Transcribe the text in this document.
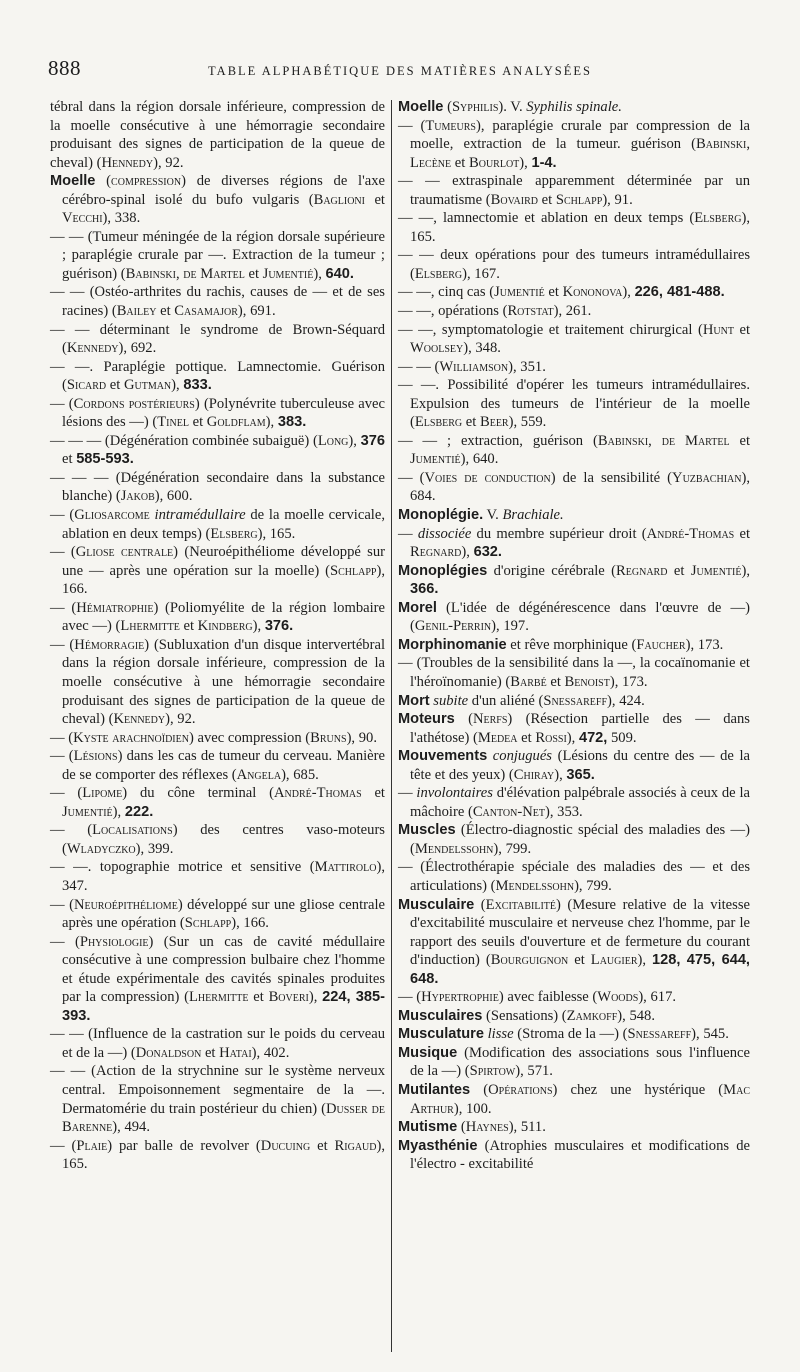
888	TABLE ALPHABÉTIQUE DES MATIÈRES ANALYSÉES

tébral dans la région dorsale inférieure, compression de la moelle consécutive à une hémorragie secondaire produisant des signes de participation de la queue de cheval) (Hennedy), 92.

Moelle (compression) de diverses régions de l'axe cérébro-spinal isolé du bufo vulgaris (Baglioni et Vecchi), 338.

— — (Tumeur méningée de la région dorsale supérieure ; paraplégie crurale par —. Extraction de la tumeur ; guérison) (Babinski, de Martel et Jumentié), 640.

— — (Ostéo-arthrites du rachis, causes de — et de ses racines) (Bailey et Casamajor), 691.

— — déterminant le syndrome de Brown-Séquard (Kennedy), 692.

— —. Paraplégie pottique. Lamnectomie. Guérison (Sicard et Gutman), 833.

— (Cordons postérieurs) (Polynévrite tuberculeuse avec lésions des —) (Tinel et Goldflam), 383.

— — — (Dégénération combinée subaiguë) (Long), 376 et 585-593.

— — — (Dégénération secondaire dans la substance blanche) (Jakob), 600.

— (Gliosarcome intramédullaire de la moelle cervicale, ablation en deux temps) (Elsberg), 165.

— (Gliose centrale) (Neuroépithéliome développé sur une — après une opération sur la moelle) (Schlapp), 166.

— (Hémiatrophie) (Poliomyélite de la région lombaire avec —) (Lhermitte et Kindberg), 376.

— (Hémorragie) (Subluxation d'un disque intervertébral dans la région dorsale inférieure, compression de la moelle consécutive à une hémorragie secondaire produisant des signes de participation de la queue de cheval) (Kennedy), 92.

— (Kyste arachnoïdien) avec compression (Bruns), 90.

— (Lésions) dans les cas de tumeur du cerveau. Manière de se comporter des réflexes (Angela), 685.

— (Lipome) du cône terminal (André-Thomas et Jumentié), 222.

— (Localisations) des centres vaso-moteurs (Wladyczko), 399.

— —. topographie motrice et sensitive (Mattirolo), 347.

— (Neuroépithéliome) développé sur une gliose centrale après une opération (Schlapp), 166.

— (Physiologie) (Sur un cas de cavité médullaire consécutive à une compression bulbaire chez l'homme et étude expérimentale des cavités spinales produites par la compression) (Lhermitte et Boveri), 224, 385-393.

— — (Influence de la castration sur le poids du cerveau et de la —) (Donaldson et Hatai), 402.

— — (Action de la strychnine sur le système nerveux central. Empoisonnement segmentaire de la —. Dermatomérie du train postérieur du chien) (Dusser de Barenne), 494.

— (Plaie) par balle de revolver (Ducuing et Rigaud), 165.

Moelle (Syphilis). V. Syphilis spinale.

— (Tumeurs), paraplégie crurale par compression de la moelle, extraction de la tumeur. guérison (Babinski, Lecène et Bourlot), 1-4.

— — extraspinale apparemment déterminée par un traumatisme (Bovaird et Schlapp), 91.

— —, lamnectomie et ablation en deux temps (Elsberg), 165.

— — deux opérations pour des tumeurs intramédullaires (Elsberg), 167.

— —, cinq cas (Jumentié et Kononova), 226, 481-488.

— —, opérations (Rotstat), 261.

— —, symptomatologie et traitement chirurgical (Hunt et Woolsey), 348.

— — (Williamson), 351.

— —. Possibilité d'opérer les tumeurs intramédullaires. Expulsion des tumeurs de l'intérieur de la moelle (Elsberg et Beer), 559.

— — ; extraction, guérison (Babinski, de Martel et Jumentié), 640.

— (Voies de conduction) de la sensibilité (Yuzbachian), 684.

Monoplégie. V. Brachiale.

— dissociée du membre supérieur droit (André-Thomas et Regnard), 632.

Monoplégies d'origine cérébrale (Regnard et Jumentié), 366.

Morel (L'idée de dégénérescence dans l'œuvre de —) (Genil-Perrin), 197.

Morphinomanie et rêve morphinique (Faucher), 173.

— (Troubles de la sensibilité dans la —, la cocaïnomanie et l'héroïnomanie) (Barbé et Benoist), 173.

Mort subite d'un aliéné (Snessareff), 424.

Moteurs (Nerfs) (Résection partielle des — dans l'athétose) (Medea et Rossi), 472, 509.

Mouvements conjugués (Lésions du centre des — de la tête et des yeux) (Chiray), 365.

— involontaires d'élévation palpébrale associés à ceux de la mâchoire (Canton-Net), 353.

Muscles (Électro-diagnostic spécial des maladies des —) (Mendelssohn), 799.

— (Électrothérapie spéciale des maladies des — et des articulations) (Mendelssohn), 799.

Musculaire (Excitabilité) (Mesure relative de la vitesse d'excitabilité musculaire et nerveuse chez l'homme, par le rapport des seuils d'ouverture et de fermeture du courant d'induction) (Bourguignon et Laugier), 128, 475, 644, 648.

— (Hypertrophie) avec faiblesse (Woods), 617.

Musculaires (Sensations) (Zamkoff), 548.

Musculature lisse (Stroma de la —) (Snessareff), 545.

Musique (Modification des associations sous l'influence de la —) (Spirtow), 571.

Mutilantes (Opérations) chez une hystérique (Mac Arthur), 100.

Mutisme (Haynes), 511.

Myasthénie (Atrophies musculaires et modifications de l'électro - excitabilité
